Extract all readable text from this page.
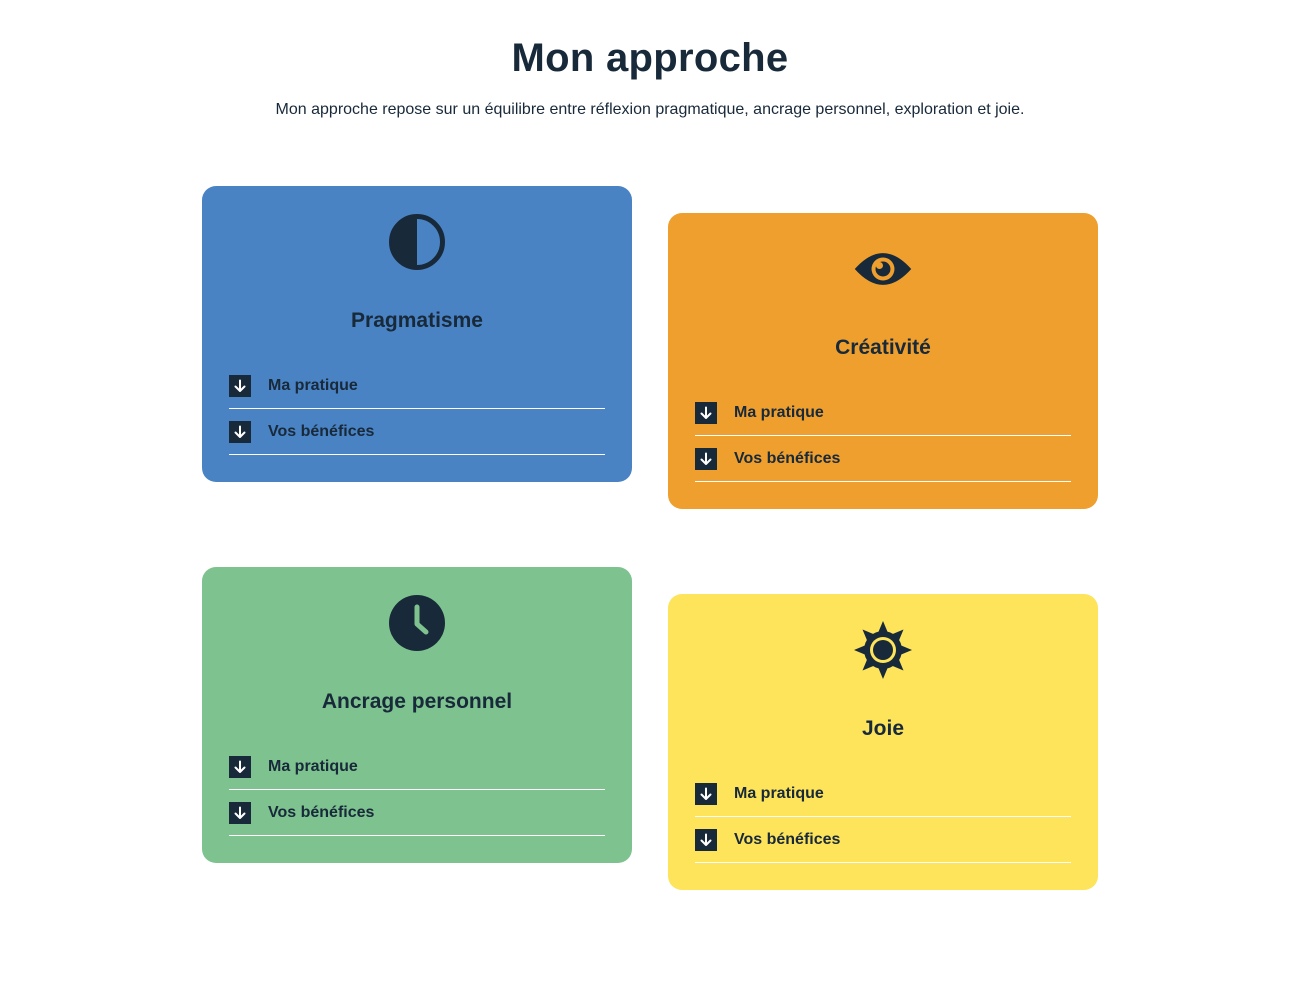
Mon approche

Mon approche repose sur un équilibre entre réflexion pragmatique, ancrage personnel, exploration et joie.

Pragmatisme
Ma pratique
Vos bénéfices
Créativité
Ma pratique
Vos bénéfices
Ancrage personnel
Ma pratique
Vos bénéfices
Joie
Ma pratique
Vos bénéfices
